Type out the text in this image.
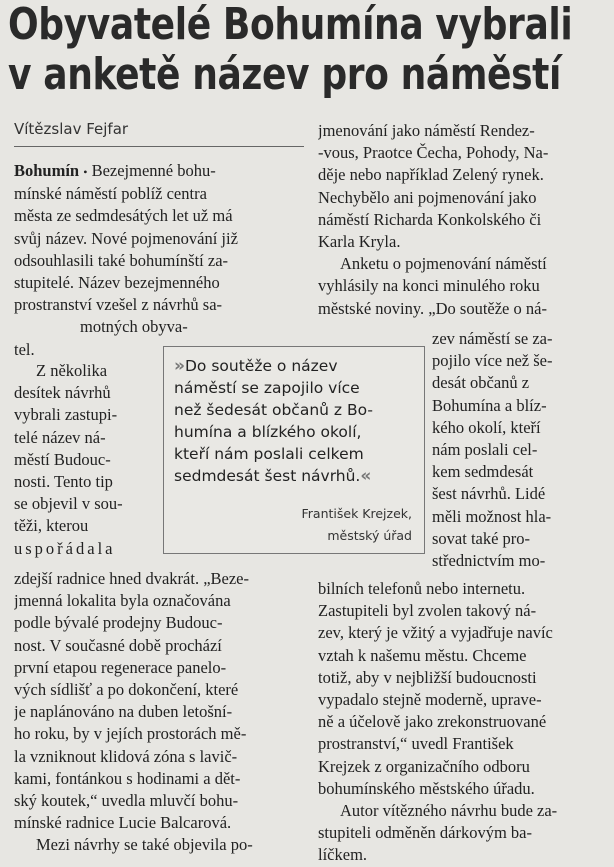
Obyvatelé Bohumína vybrali
v anketě název pro náměstí
Vítězslav Fejfar
Bohumín • Bezejmenné bohu-
mínské náměstí poblíž centra
města ze sedmdesátých let už má
svůj název. Nové pojmenování již
odsouhlasili také bohumínští za-
stupitelé. Název bezejmenného
prostranství vzešel z návrhů sa-
motných obyva-
tel.
Z několika
desítek návrhů
vybrali zastupi-
telé název ná-
městí Budouc-
nosti. Tento tip
se objevil v sou-
těži, kterou
uspořádala
zdejší radnice hned dvakrát. „Beze-
jmenná lokalita byla označována
podle bývalé prodejny Budouc-
nost. V současné době prochází
první etapou regenerace panelo-
vých sídlišť a po dokončení, které
je naplánováno na duben letošní-
ho roku, by v jejích prostorách mě-
la vzniknout klidová zóna s lavič-
kami, fontánkou s hodinami a dět-
ský koutek,“ uvedla mluvčí bohu-
mínské radnice Lucie Balcarová.
Mezi návrhy se také objevila po-
»Do soutěže o název
náměstí se zapojilo více
než šedesát občanů z Bo-
humína a blízkého okolí,
kteří nám poslali celkem
sedmdesát šest návrhů.«
František Krejzek,
městský úřad
jmenování jako náměstí Rendez-
-vous, Praotce Čecha, Pohody, Na-
děje nebo například Zelený rynek.
Nechybělo ani pojmenování jako
náměstí Richarda Konkolského či
Karla Kryla.
Anketu o pojmenování náměstí
vyhlásily na konci minulého roku
městské noviny. „Do soutěže o ná-
zev náměstí se za-
pojilo více než še-
desát občanů z
Bohumína a blíz-
kého okolí, kteří
nám poslali cel-
kem sedmdesát
šest návrhů. Lidé
měli možnost hla-
sovat také pro-
střednictvím mo-
bilních telefonů nebo internetu.
Zastupiteli byl zvolen takový ná-
zev, který je vžitý a vyjadřuje navíc
vztah k našemu městu. Chceme
totiž, aby v nejbližší budoucnosti
vypadalo stejně moderně, uprave-
ně a účelově jako zrekonstruované
prostranství,“ uvedl František
Krejzek z organizačního odboru
bohumínského městského úřadu.
Autor vítězného návrhu bude za-
stupiteli odměněn dárkovým ba-
líčkem.
